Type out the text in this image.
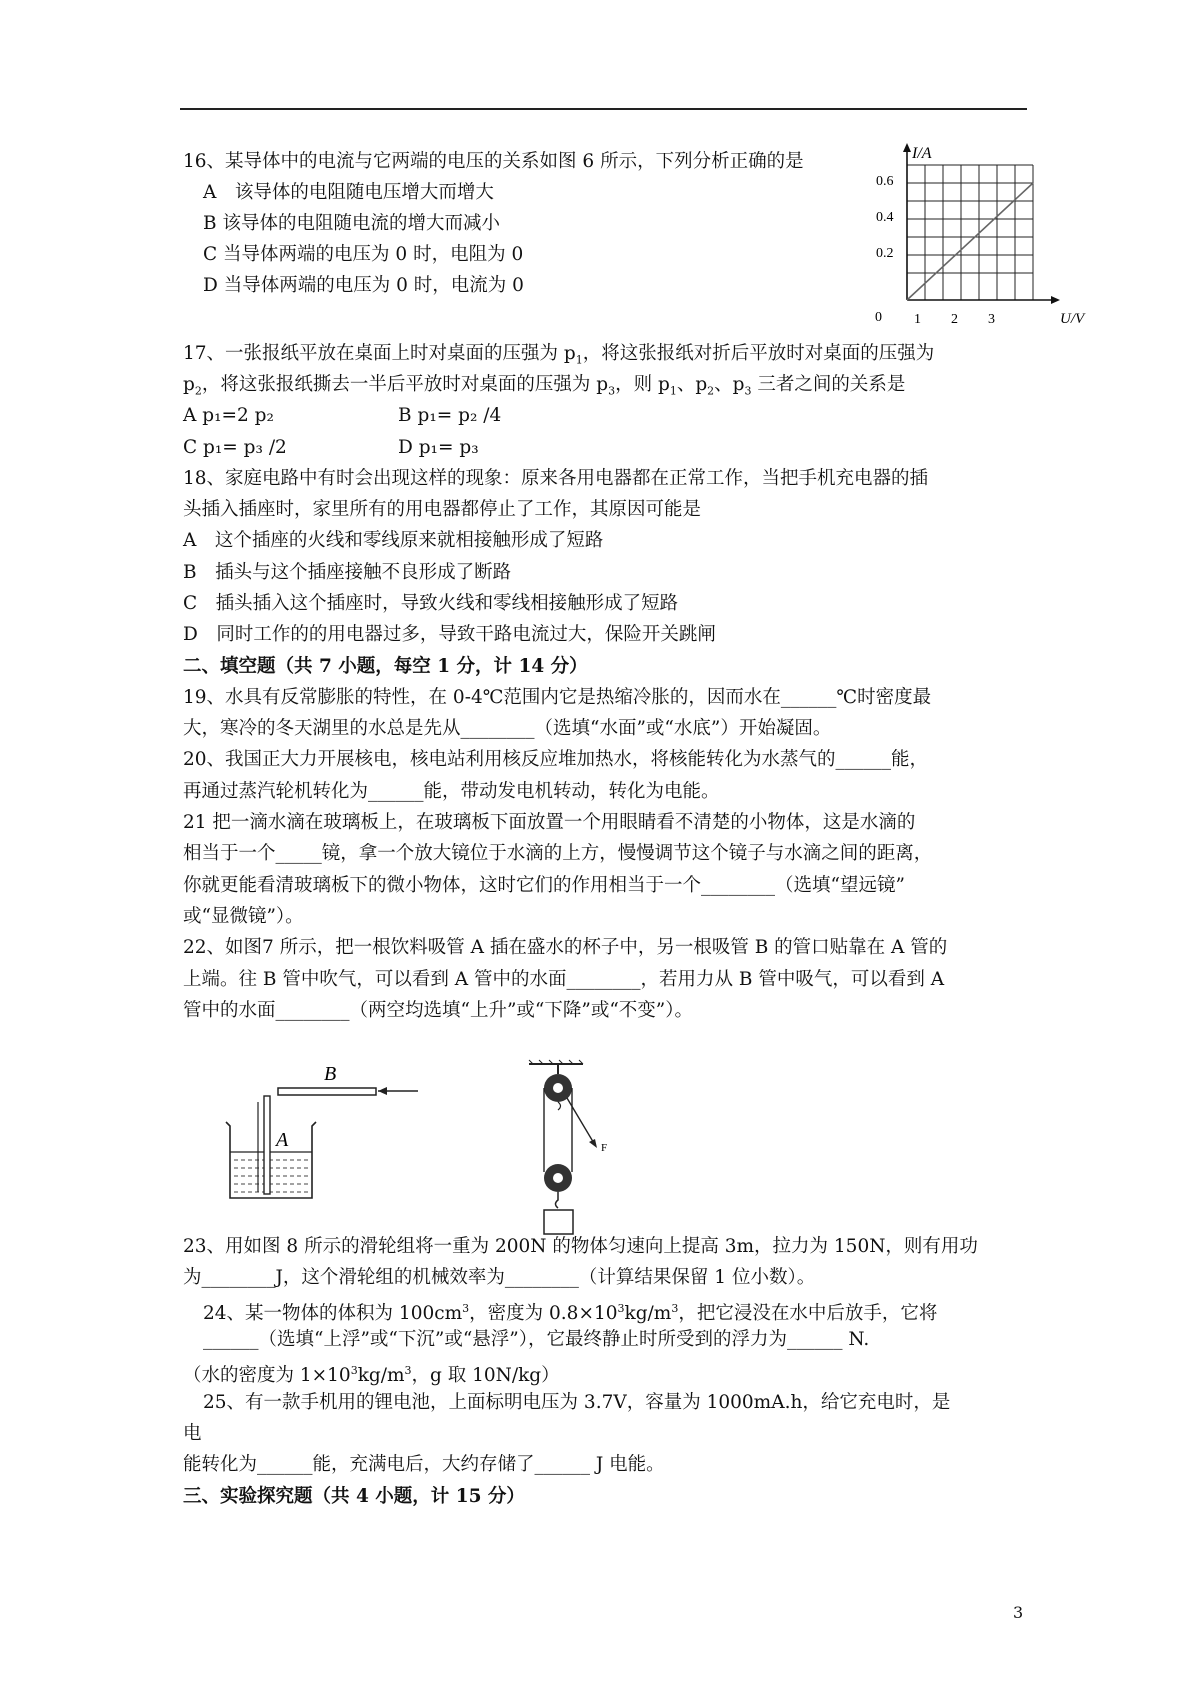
16、某导体中的电流与它两端的电压的关系如图 6 所示，下列分析正确的是
A　该导体的电阻随电压增大而增大
B 该导体的电阻随电流的增大而减小
C 当导体两端的电压为 0 时，电阻为 0
D 当导体两端的电压为 0 时，电流为 0
I/A
0.6
0.4
0.2
0 1 2 3	U/V
17、一张报纸平放在桌面上时对桌面的压强为 $p_1$，将这张报纸对折后平放时对桌面的压强为
$p_2$，将这张报纸撕去一半后平放时对桌面的压强为 $p_3$，则 $p_1$、$p_2$、$p_3$ 三者之间的关系是
A p₁=2 p₂	B p₁= p₂ /4
C p₁= p₃ /2	D p₁= p₃
18、家庭电路中有时会出现这样的现象：原来各用电器都在正常工作，当把手机充电器的插
头插入插座时，家里所有的用电器都停止了工作，其原因可能是
A　这个插座的火线和零线原来就相接触形成了短路
B　插头与这个插座接触不良形成了断路
C　插头插入这个插座时，导致火线和零线相接触形成了短路
D　同时工作的的用电器过多，导致干路电流过大，保险开关跳闸
二、填空题（共 7 小题，每空 1 分，计 14 分）
19、水具有反常膨胀的特性，在 0-4℃范围内它是热缩冷胀的，因而水在______℃时密度最
大，寒冷的冬天湖里的水总是先从________（选填“水面”或“水底”）开始凝固。
20、我国正大力开展核电，核电站利用核反应堆加热水，将核能转化为水蒸气的______能，
再通过蒸汽轮机转化为______能，带动发电机转动，转化为电能。
21 把一滴水滴在玻璃板上，在玻璃板下面放置一个用眼睛看不清楚的小物体，这是水滴的
相当于一个_____镜，拿一个放大镜位于水滴的上方，慢慢调节这个镜子与水滴之间的距离，
你就更能看清玻璃板下的微小物体，这时它们的作用相当于一个________（选填“望远镜”
或“显微镜”）。
22、如图7 所示，把一根饮料吸管 A 插在盛水的杯子中，另一根吸管 B 的管口贴靠在 A 管的
上端。往 B 管中吹气，可以看到 A 管中的水面________，若用力从 B 管中吸气，可以看到 A
管中的水面________（两空均选填“上升”或“下降”或“不变”）。
B
A	F
23、用如图 8 所示的滑轮组将一重为 200N 的物体匀速向上提高 3m，拉力为 150N，则有用功
为________J，这个滑轮组的机械效率为________（计算结果保留 1 位小数）。
24、某一物体的体积为 $100cm^3$，密度为 $0.8\times 10^3kg/m^3$，把它浸没在水中后放手，它将
______（选填“上浮”或“下沉”或“悬浮”），它最终静止时所受到的浮力为______ N.
（水的密度为 $1\times 10^3kg/m^3$，g 取 10N/kg）
25、有一款手机用的锂电池，上面标明电压为 3.7V，容量为 1000mA.h，给它充电时，是
电
能转化为______能，充满电后，大约存储了______ J 电能。
三、实验探究题（共 4 小题，计 15 分）
3
